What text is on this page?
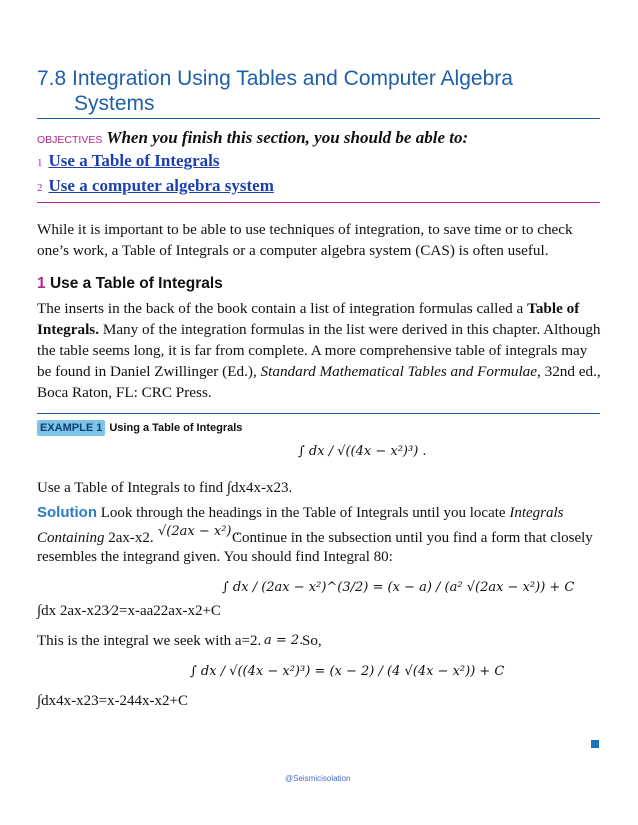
7.8 Integration Using Tables and Computer Algebra
Systems
OBJECTIVES When you finish this section, you should be able to:
1 Use a Table of Integrals
2 Use a computer algebra system

While it is important to be able to use techniques of integration, to save time or to check one’s work, a Table of Integrals or a computer algebra system (CAS) is often useful.

1 Use a Table of Integrals

The inserts in the back of the book contain a list of integration formulas called a Table of Integrals. Many of the integration formulas in the list were derived in this chapter. Although the table seems long, it is far from complete. A more comprehensive table of integrals may be found in Daniel Zwillinger (Ed.), Standard Mathematical Tables and Formulae, 32nd ed., Boca Raton, FL: CRC Press.

EXAMPLE 1 Using a Table of Integrals
∫ dx / √((4x − x²)³) .
Use a Table of Integrals to find ∫dx4x-x23.
Solution Look through the headings in the Table of Integrals until you locate Integrals
Containing 2ax-x2. √(2ax − x²) .
Continue in the subsection until you find a form that closely
resembles the integrand given. You should find Integral 80:
∫ dx / (2ax − x²)^(3/2) = (x − a) / (a² √(2ax − x²)) + C
∫dx 2ax-x23⁄2=x-aa22ax-x2+C
This is the integral we seek with a=2. a = 2.
So,
∫ dx / √((4x − x²)³) = (x − 2) / (4 √(4x − x²)) + C
∫dx4x-x23=x-244x-x2+C
@Seismicisolation
